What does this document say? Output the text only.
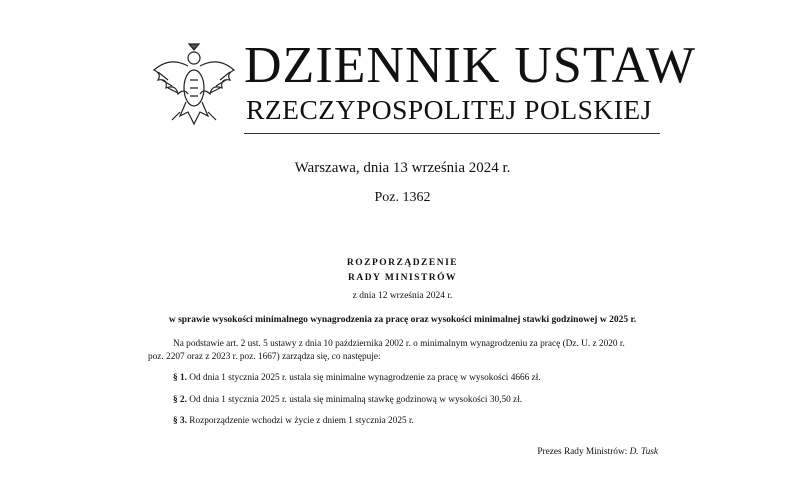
DZIENNIK USTAW
RZECZYPOSPOLITEJ POLSKIEJ
Warszawa, dnia 13 września 2024 r.
Poz. 1362
ROZPORZĄDZENIE
RADY MINISTRÓW
z dnia 12 września 2024 r.
w sprawie wysokości minimalnego wynagrodzenia za pracę oraz wysokości minimalnej stawki godzinowej w 2025 r.
Na podstawie art. 2 ust. 5 ustawy z dnia 10 października 2002 r. o minimalnym wynagrodzeniu za pracę (Dz. U. z 2020 r.
poz. 2207 oraz z 2023 r. poz. 1667) zarządza się, co następuje:
§ 1. Od dnia 1 stycznia 2025 r. ustala się minimalne wynagrodzenie za pracę w wysokości 4666 zł.
§ 2. Od dnia 1 stycznia 2025 r. ustala się minimalną stawkę godzinową w wysokości 30,50 zł.
§ 3. Rozporządzenie wchodzi w życie z dniem 1 stycznia 2025 r.
Prezes Rady Ministrów: D. Tusk
